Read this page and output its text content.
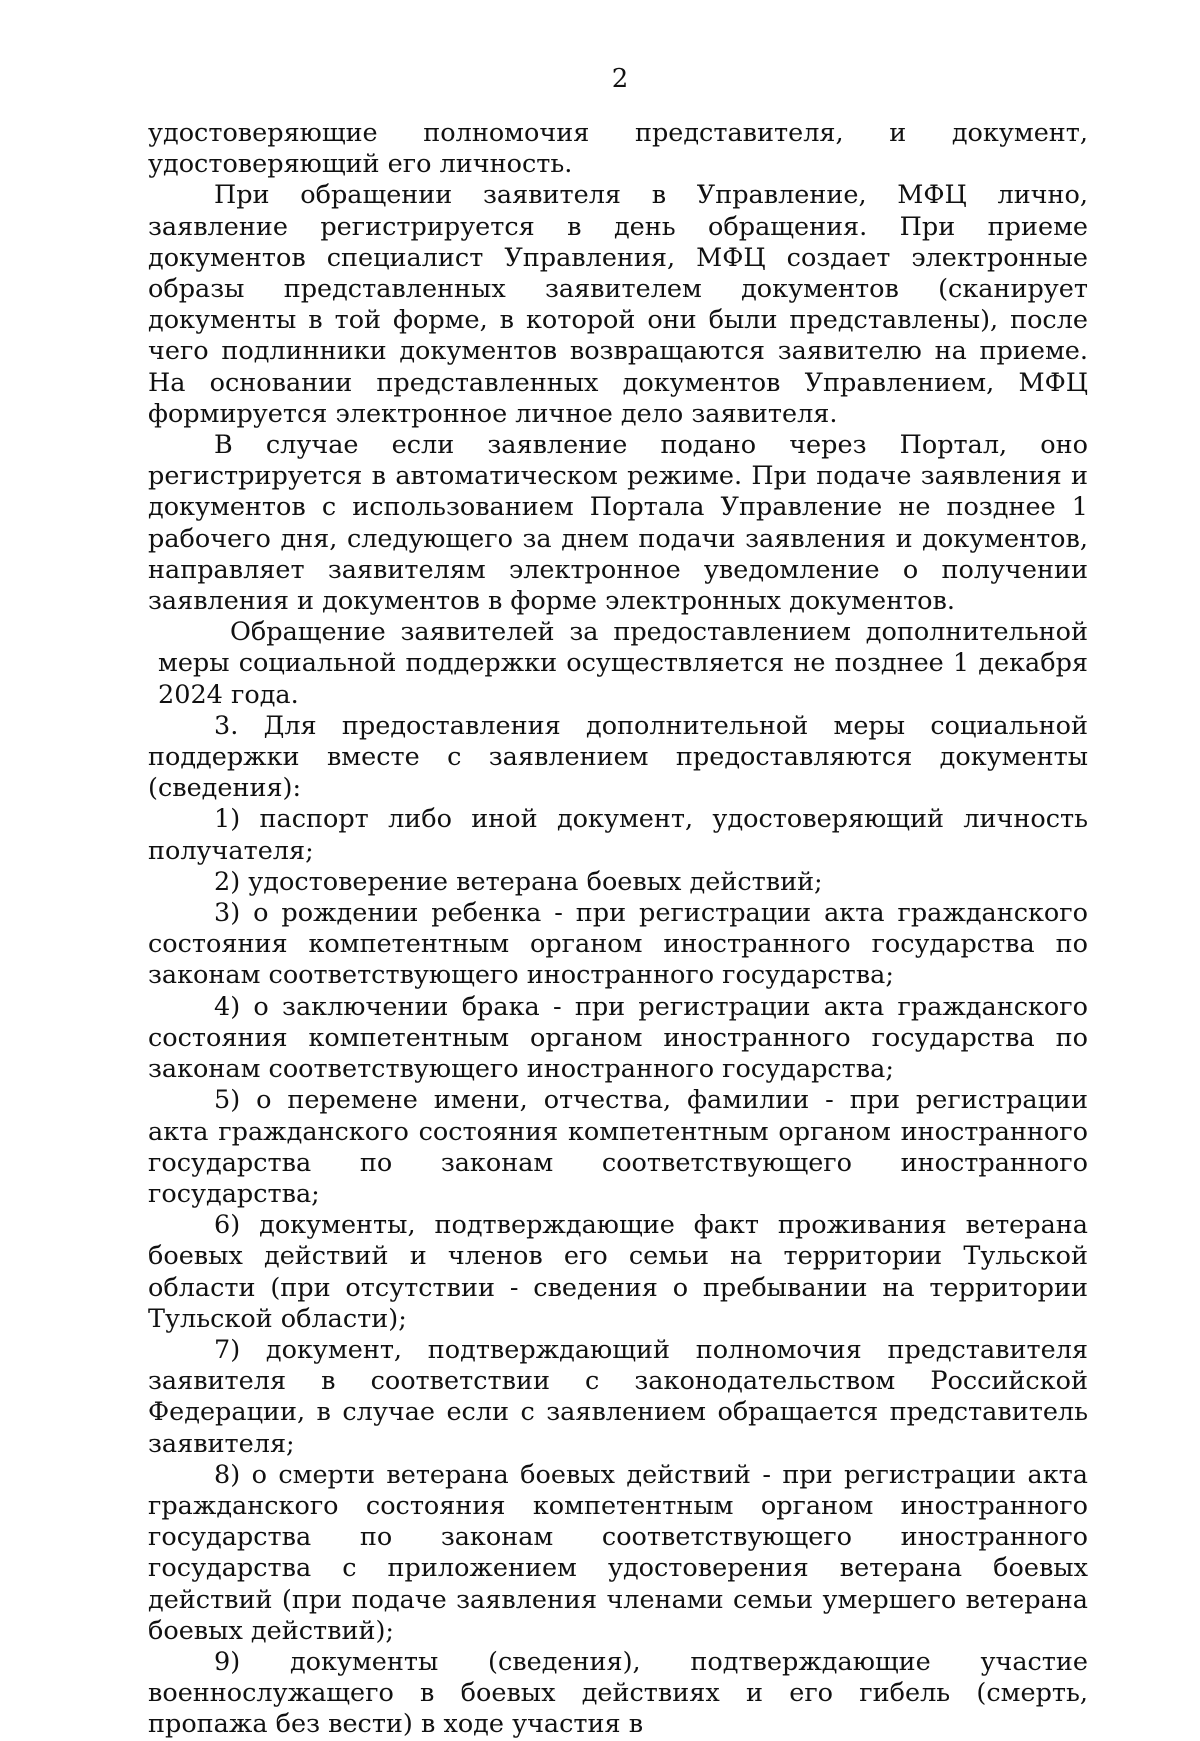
2

удостоверяющие полномочия представителя, и документ, удостоверяющий его личность.

При обращении заявителя в Управление, МФЦ лично, заявление регистрируется в день обращения. При приеме документов специалист Управления, МФЦ создает электронные образы представленных заявителем документов (сканирует документы в той форме, в которой они были представлены), после чего подлинники документов возвращаются заявителю на приеме. На основании представленных документов Управлением, МФЦ формируется электронное личное дело заявителя.

В случае если заявление подано через Портал, оно регистрируется в автоматическом режиме. При подаче заявления и документов с использованием Портала Управление не позднее 1 рабочего дня, следующего за днем подачи заявления и документов, направляет заявителям электронное уведомление о получении заявления и документов в форме электронных документов.

Обращение заявителей за предоставлением дополнительной меры социальной поддержки осуществляется не позднее 1 декабря 2024 года.

3. Для предоставления дополнительной меры социальной поддержки вместе с заявлением предоставляются документы (сведения):

1) паспорт либо иной документ, удостоверяющий личность получателя;

2) удостоверение ветерана боевых действий;

3) о рождении ребенка - при регистрации акта гражданского состояния компетентным органом иностранного государства по законам соответствующего иностранного государства;

4) о заключении брака - при регистрации акта гражданского состояния компетентным органом иностранного государства по законам соответствующего иностранного государства;

5) о перемене имени, отчества, фамилии - при регистрации акта гражданского состояния компетентным органом иностранного государства по законам соответствующего иностранного государства;

6) документы, подтверждающие факт проживания ветерана боевых действий и членов его семьи на территории Тульской области (при отсутствии - сведения о пребывании на территории Тульской области);

7) документ, подтверждающий полномочия представителя заявителя в соответствии с законодательством Российской Федерации, в случае если с заявлением обращается представитель заявителя;

8) о смерти ветерана боевых действий - при регистрации акта гражданского состояния компетентным органом иностранного государства по законам соответствующего иностранного государства с приложением удостоверения ветерана боевых действий (при подаче заявления членами семьи умершего ветерана боевых действий);

9) документы (сведения), подтверждающие участие военнослужащего в боевых действиях и его гибель (смерть, пропажа без вести) в ходе участия в
